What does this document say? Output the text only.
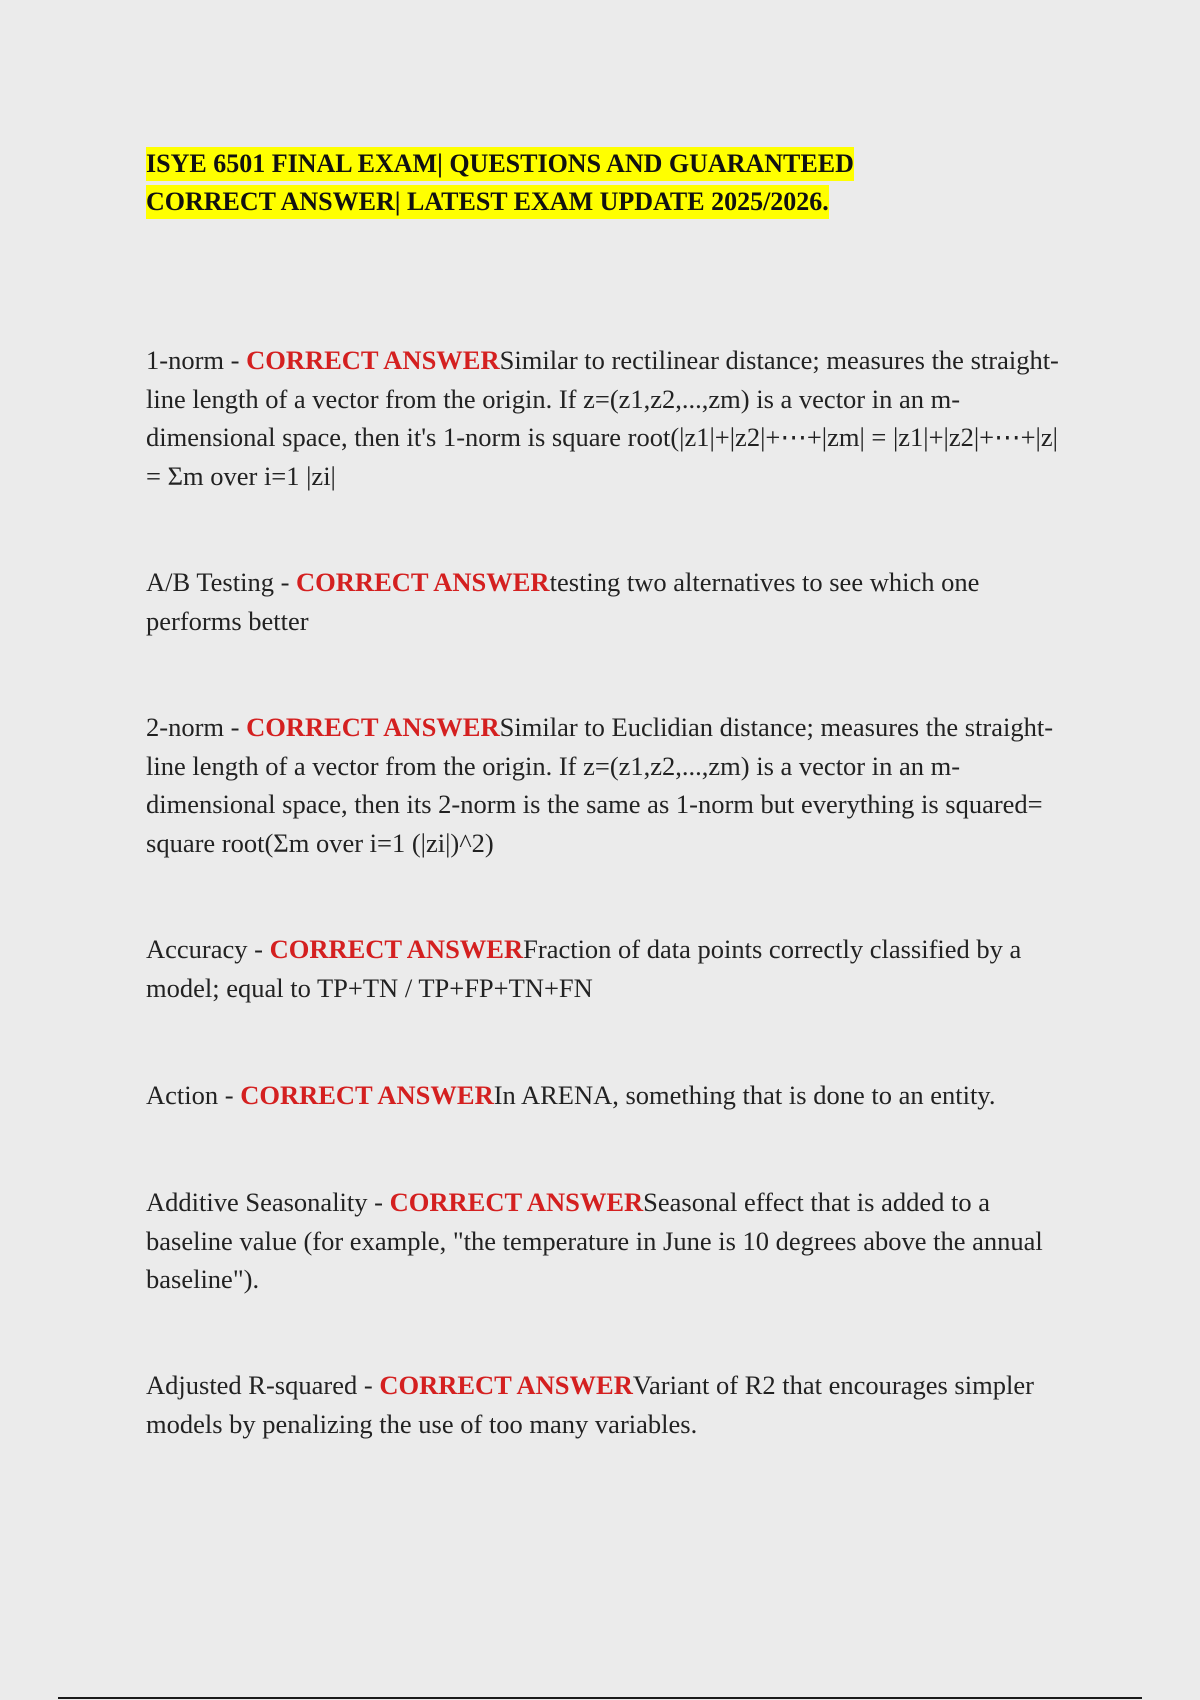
ISYE 6501 FINAL EXAM| QUESTIONS AND GUARANTEED

CORRECT ANSWER| LATEST EXAM UPDATE 2025/2026.

1-norm - CORRECT ANSWERSimilar to rectilinear distance; measures the straight-line length of a vector from the origin. If z=(z1,z2,...,zm) is a vector in an m-dimensional space, then it's 1-norm is square root(|z1|+|z2|+⋯+|zm| = |z1|+|z2|+⋯+|z| = Σm over i=1 |zi|

A/B Testing - CORRECT ANSWERtesting two alternatives to see which one performs better

2-norm - CORRECT ANSWERSimilar to Euclidian distance; measures the straight-line length of a vector from the origin. If z=(z1,z2,...,zm) is a vector in an m-dimensional space, then its 2-norm is the same as 1-norm but everything is squared= square root(Σm over i=1 (|zi|)^2)

Accuracy - CORRECT ANSWERFraction of data points correctly classified by a model; equal to TP+TN / TP+FP+TN+FN

Action - CORRECT ANSWERIn ARENA, something that is done to an entity.

Additive Seasonality - CORRECT ANSWERSeasonal effect that is added to a baseline value (for example, "the temperature in June is 10 degrees above the annual baseline").

Adjusted R-squared - CORRECT ANSWERVariant of R2 that encourages simpler models by penalizing the use of too many variables.
